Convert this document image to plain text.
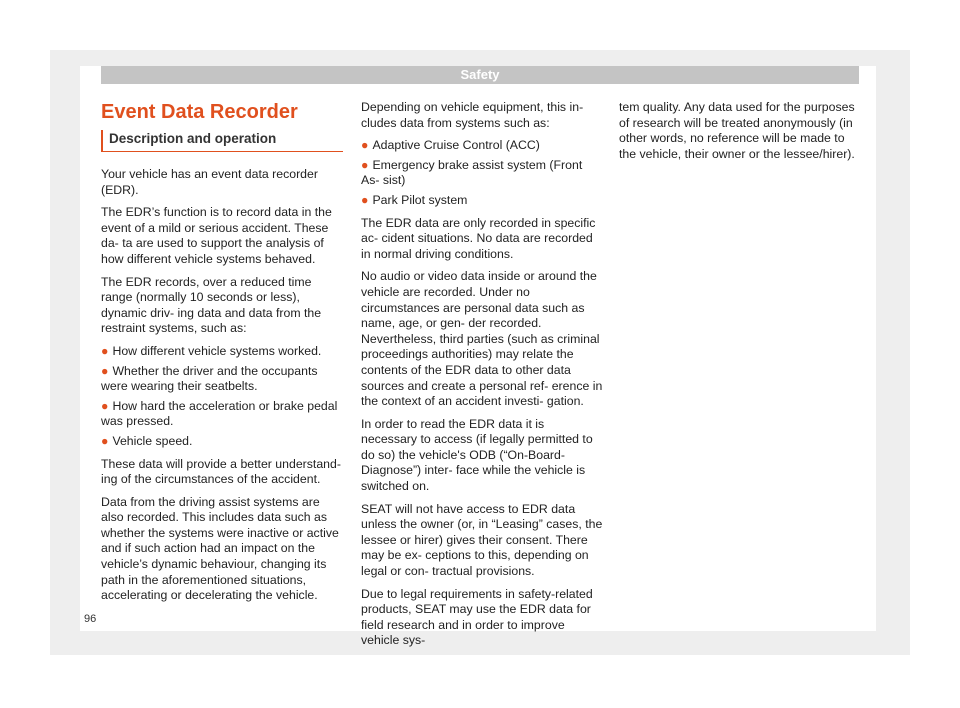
Safety
Event Data Recorder
Description and operation

Your vehicle has an event data recorder (EDR).

The EDR’s function is to record data in the event of a mild or serious accident. These da- ta are used to support the analysis of how different vehicle systems behaved.

The EDR records, over a reduced time range (normally 10 seconds or less), dynamic driv- ing data and data from the restraint systems, such as:

● How different vehicle systems worked.
● Whether the driver and the occupants were wearing their seatbelts.
● How hard the acceleration or brake pedal was pressed.
● Vehicle speed.

These data will provide a better understand- ing of the circumstances of the accident.

Data from the driving assist systems are also recorded. This includes data such as whether the systems were inactive or active and if such action had an impact on the vehicle’s dynamic behaviour, changing its path in the aforementioned situations, accelerating or decelerating the vehicle.

Depending on vehicle equipment, this in- cludes data from systems such as:

● Adaptive Cruise Control (ACC)
● Emergency brake assist system (Front As- sist)
● Park Pilot system

The EDR data are only recorded in specific ac- cident situations. No data are recorded in normal driving conditions.

No audio or video data inside or around the vehicle are recorded. Under no circumstances are personal data such as name, age, or gen- der recorded. Nevertheless, third parties (such as criminal proceedings authorities) may relate the contents of the EDR data to other data sources and create a personal ref- erence in the context of an accident investi- gation.

In order to read the EDR data it is necessary to access (if legally permitted to do so) the vehicle's ODB (“On-Board-Diagnose”) inter- face while the vehicle is switched on.

SEAT will not have access to EDR data unless the owner (or, in “Leasing” cases, the lessee or hirer) gives their consent. There may be ex- ceptions to this, depending on legal or con- tractual provisions.

Due to legal requirements in safety-related products, SEAT may use the EDR data for field research and in order to improve vehicle sys-

tem quality. Any data used for the purposes of research will be treated anonymously (in other words, no reference will be made to the vehicle, their owner or the lessee/hirer).

96
